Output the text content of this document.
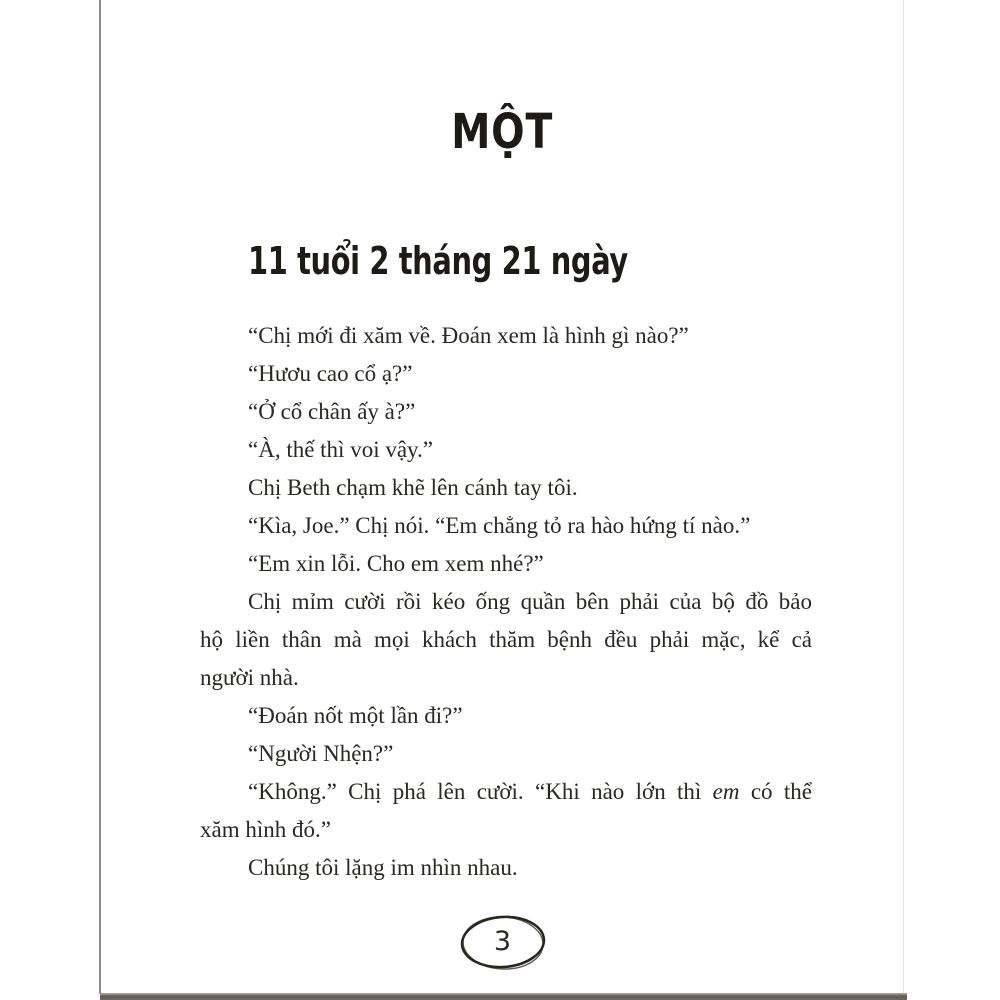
MỘT
11 tuổi 2 tháng 21 ngày

“Chị mới đi xăm về. Đoán xem là hình gì nào?”

“Hươu cao cổ ạ?”

“Ở cổ chân ấy à?”

“À, thế thì voi vậy.”

Chị Beth chạm khẽ lên cánh tay tôi.

“Kìa, Joe.” Chị nói. “Em chẳng tỏ ra hào hứng tí nào.”

“Em xin lỗi. Cho em xem nhé?”

Chị mỉm cười rồi kéo ống quần bên phải của bộ đồ bảo

hộ liền thân mà mọi khách thăm bệnh đều phải mặc, kể cả

người nhà.

“Đoán nốt một lần đi?”

“Người Nhện?”

“Không.” Chị phá lên cười. “Khi nào lớn thì em có thể

xăm hình đó.”

Chúng tôi lặng im nhìn nhau.

3
